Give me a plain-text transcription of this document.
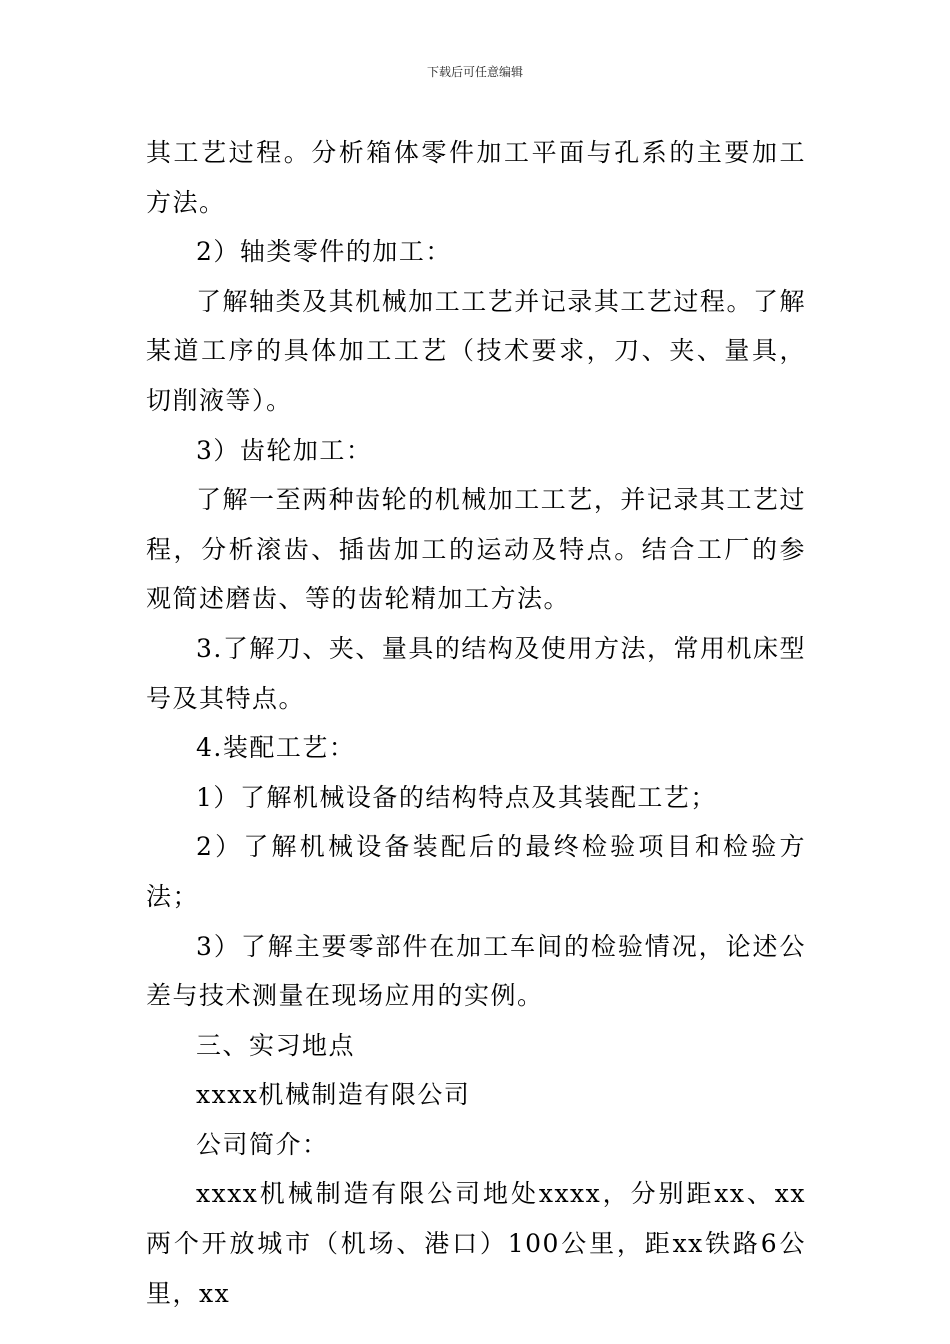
下载后可任意编辑

其工艺过程。分析箱体零件加工平面与孔系的主要加工方法。

2）轴类零件的加工：

了解轴类及其机械加工工艺并记录其工艺过程。了解某道工序的具体加工工艺（技术要求，刀、夹、量具，切削液等）。

3）齿轮加工：

了解一至两种齿轮的机械加工工艺，并记录其工艺过程，分析滚齿、插齿加工的运动及特点。结合工厂的参观简述磨齿、等的齿轮精加工方法。

3.了解刀、夹、量具的结构及使用方法，常用机床型号及其特点。

4.装配工艺：

1）了解机械设备的结构特点及其装配工艺；

2）了解机械设备装配后的最终检验项目和检验方法；

3）了解主要零部件在加工车间的检验情况，论述公差与技术测量在现场应用的实例。

三、实习地点

xxxx机械制造有限公司

公司简介：

xxxx机械制造有限公司地处xxxx，分别距xx、xx两个开放城市（机场、港口）100公里，距xx铁路6公里，xx
